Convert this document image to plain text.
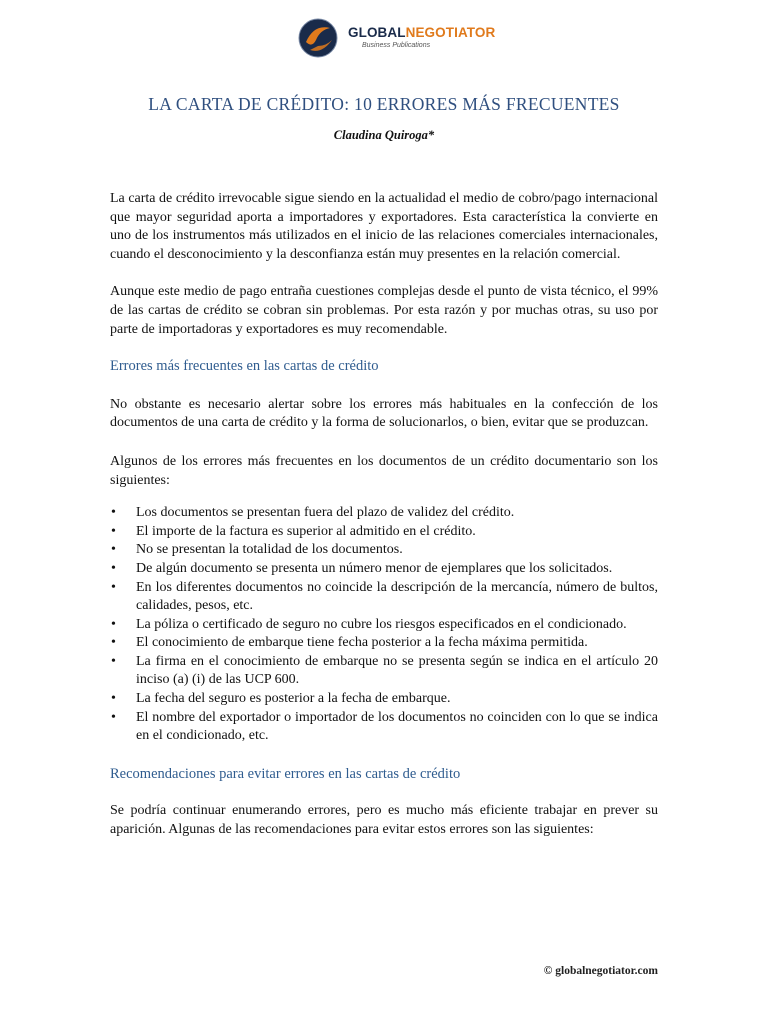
GLOBALNEGOTIATOR
Business Publications
LA CARTA DE CRÉDITO: 10 ERRORES MÁS FRECUENTES
Claudina Quiroga*

La carta de crédito irrevocable sigue siendo en la actualidad el medio de cobro/pago internacional que mayor seguridad aporta a importadores y exportadores. Esta característica la convierte en uno de los instrumentos más utilizados en el inicio de las relaciones comerciales internacionales, cuando el desconocimiento y la desconfianza están muy presentes en la relación comercial.

Aunque este medio de pago entraña cuestiones complejas desde el punto de vista técnico, el 99% de las cartas de crédito se cobran sin problemas. Por esta razón y por muchas otras, su uso por parte de importadoras y exportadores es muy recomendable.

Errores más frecuentes en las cartas de crédito

No obstante es necesario alertar sobre los errores más habituales en la confección de los documentos de una carta de crédito y la forma de solucionarlos, o bien, evitar que se produzcan.

Algunos de los errores más frecuentes en los documentos de un crédito documentario son los siguientes:

• Los documentos se presentan fuera del plazo de validez del crédito.
• El importe de la factura es superior al admitido en el crédito.
• No se presentan la totalidad de los documentos.
• De algún documento se presenta un número menor de ejemplares que los solicitados.
• En los diferentes documentos no coincide la descripción de la mercancía, número de bultos, calidades, pesos, etc.
• La póliza o certificado de seguro no cubre los riesgos especificados en el condicionado.
• El conocimiento de embarque tiene fecha posterior a la fecha máxima permitida.
• La firma en el conocimiento de embarque no se presenta según se indica en el artículo 20 inciso (a) (i) de las UCP 600.
• La fecha del seguro es posterior a la fecha de embarque.
• El nombre del exportador o importador de los documentos no coinciden con lo que se indica en el condicionado, etc.
Recomendaciones para evitar errores en las cartas de crédito

Se podría continuar enumerando errores, pero es mucho más eficiente trabajar en prever su aparición. Algunas de las recomendaciones para evitar estos errores son las siguientes:

© globalnegotiator.com
